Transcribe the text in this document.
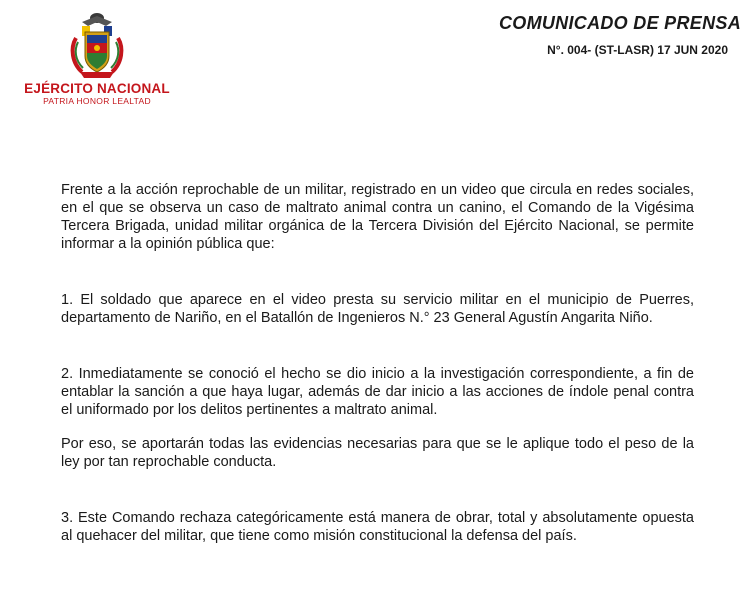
EJÉRCITO NACIONAL
PATRIA HONOR LEALTAD
COMUNICADO DE PRENSA
N°. 004- (ST-LASR) 17 JUN 2020

Frente a la acción reprochable de un militar, registrado en un video que circula en redes sociales, en el que se observa un caso de maltrato animal contra un canino, el Comando de la Vigésima Tercera Brigada, unidad militar orgánica de la Tercera División del Ejército Nacional, se permite informar a la opinión pública que:

1. El soldado que aparece en el video presta su servicio militar en el municipio de Puerres, departamento de Nariño, en el Batallón de Ingenieros N.° 23 General Agustín Angarita Niño.

2. Inmediatamente se conoció el hecho se dio inicio a la investigación correspondiente, a fin de entablar la sanción a que haya lugar, además de dar inicio a las acciones de índole penal contra el uniformado por los delitos pertinentes a maltrato animal.

Por eso, se aportarán todas las evidencias necesarias para que se le aplique todo el peso de la ley por tan reprochable conducta.

3. Este Comando rechaza categóricamente está manera de obrar, total y absolutamente opuesta al quehacer del militar, que tiene como misión constitucional la defensa del país.
